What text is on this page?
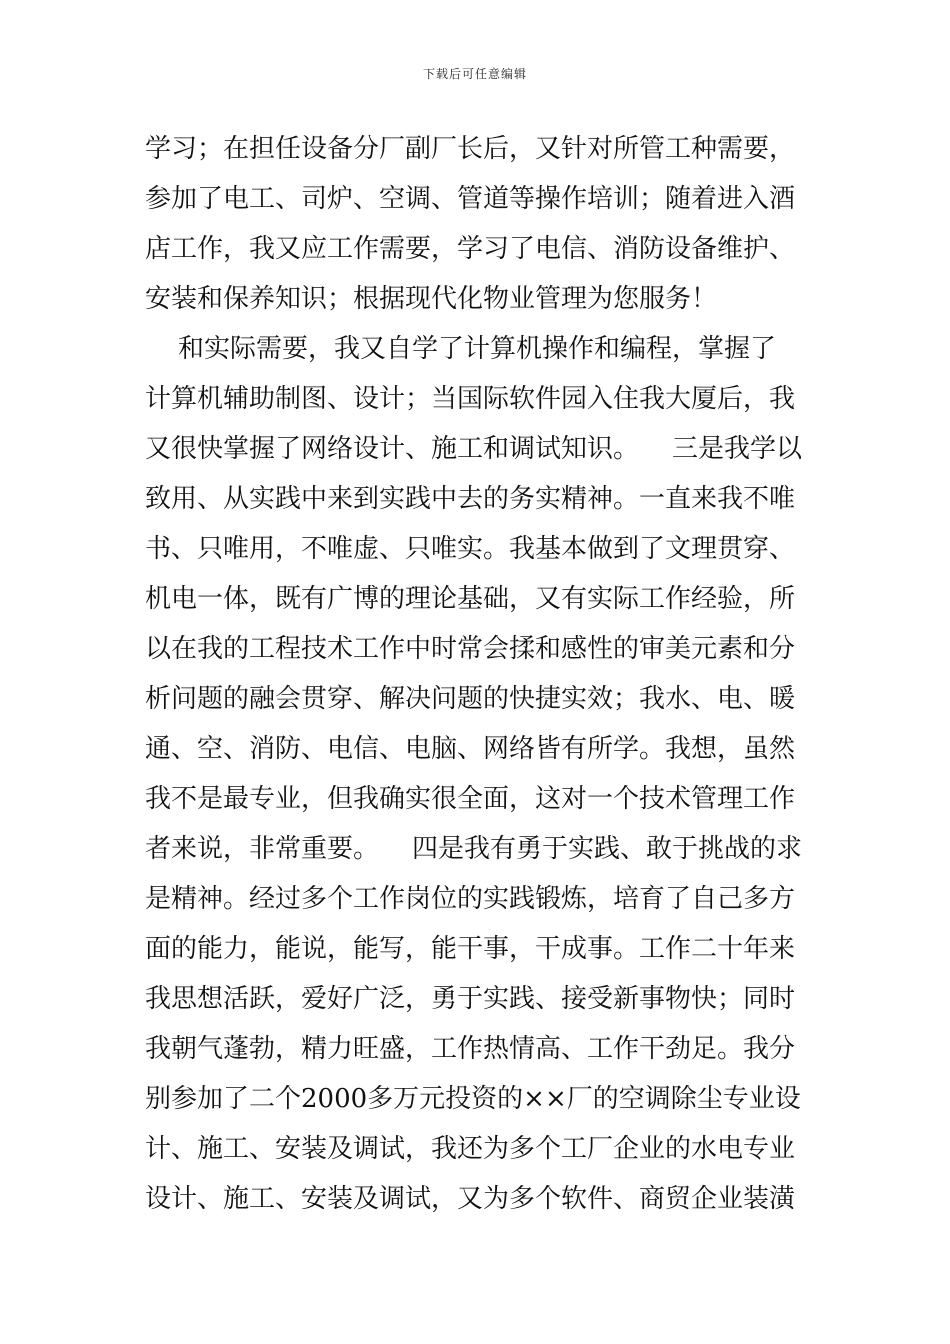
下载后可任意编辑
学习；在担任设备分厂副厂长后，又针对所管工种需要，
参加了电工、司炉、空调、管道等操作培训；随着进入酒
店工作，我又应工作需要，学习了电信、消防设备维护、
安装和保养知识；根据现代化物业管理为您服务！
和实际需要，我又自学了计算机操作和编程，掌握了
计算机辅助制图、设计；当国际软件园入住我大厦后，我
又很快掌握了网络设计、施工和调试知识。    三是我学以
致用、从实践中来到实践中去的务实精神。一直来我不唯
书、只唯用，不唯虚、只唯实。我基本做到了文理贯穿、
机电一体，既有广博的理论基础，又有实际工作经验，所
以在我的工程技术工作中时常会揉和感性的审美元素和分
析问题的融会贯穿、解决问题的快捷实效；我水、电、暖
通、空、消防、电信、电脑、网络皆有所学。我想，虽然
我不是最专业，但我确实很全面，这对一个技术管理工作
者来说，非常重要。    四是我有勇于实践、敢于挑战的求
是精神。经过多个工作岗位的实践锻炼，培育了自己多方
面的能力，能说，能写，能干事，干成事。工作二十年来
我思想活跃，爱好广泛，勇于实践、接受新事物快；同时
我朝气蓬勃，精力旺盛，工作热情高、工作干劲足。我分
别参加了二个2000多万元投资的××厂的空调除尘专业设
计、施工、安装及调试，我还为多个工厂企业的水电专业
设计、施工、安装及调试，又为多个软件、商贸企业装潢
